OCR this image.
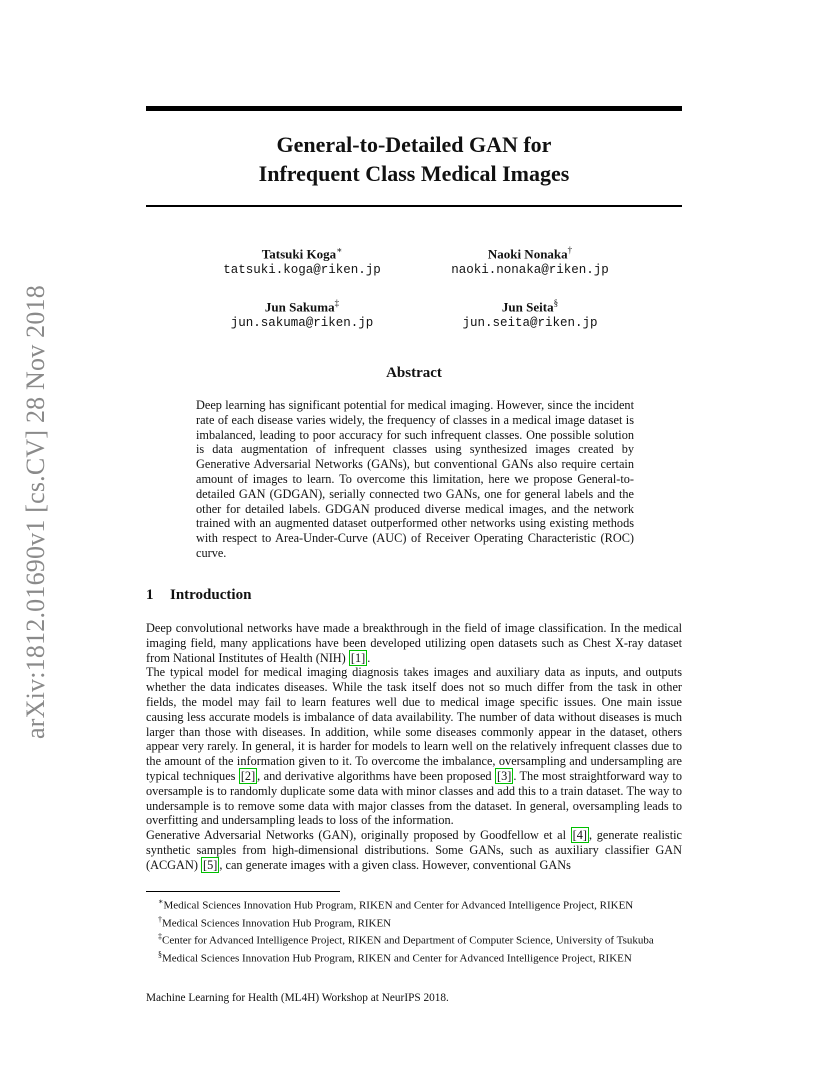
arXiv:1812.01690v1 [cs.CV] 28 Nov 2018
General-to-Detailed GAN for
Infrequent Class Medical Images
Tatsuki Koga∗
tatsuki.koga@riken.jp
Naoki Nonaka†
naoki.nonaka@riken.jp
Jun Sakuma‡
jun.sakuma@riken.jp
Jun Seita§
jun.seita@riken.jp
Abstract

Deep learning has significant potential for medical imaging. However, since the incident rate of each disease varies widely, the frequency of classes in a medical image dataset is imbalanced, leading to poor accuracy for such infrequent classes. One possible solution is data augmentation of infrequent classes using synthesized images created by Generative Adversarial Networks (GANs), but conventional GANs also require certain amount of images to learn. To overcome this limitation, here we propose General-to-detailed GAN (GDGAN), serially connected two GANs, one for general labels and the other for detailed labels. GDGAN produced diverse medical images, and the network trained with an augmented dataset outperformed other networks using existing methods with respect to Area-Under-Curve (AUC) of Receiver Operating Characteristic (ROC) curve.

1 Introduction

Deep convolutional networks have made a breakthrough in the field of image classification. In the medical imaging field, many applications have been developed utilizing open datasets such as Chest X-ray dataset from National Institutes of Health (NIH) [1] .

The typical model for medical imaging diagnosis takes images and auxiliary data as inputs, and outputs whether the data indicates diseases. While the task itself does not so much differ from the task in other fields, the model may fail to learn features well due to medical image specific issues. One main issue causing less accurate models is imbalance of data availability. The number of data without diseases is much larger than those with diseases. In addition, while some diseases commonly appear in the dataset, others appear very rarely. In general, it is harder for models to learn well on the relatively infrequent classes due to the amount of the information given to it. To overcome the imbalance, oversampling and undersampling are typical techniques [2] , and derivative algorithms have been proposed [3] . The most straightforward way to oversample is to randomly duplicate some data with minor classes and add this to a train dataset. The way to undersample is to remove some data with major classes from the dataset. In general, oversampling leads to overfitting and undersampling leads to loss of the information.

Generative Adversarial Networks (GAN), originally proposed by Goodfellow et al [4] , generate realistic synthetic samples from high-dimensional distributions. Some GANs, such as auxiliary classifier GAN (ACGAN) [5] , can generate images with a given class. However, conventional GANs

∗Medical Sciences Innovation Hub Program, RIKEN and Center for Advanced Intelligence Project, RIKEN

†Medical Sciences Innovation Hub Program, RIKEN

‡Center for Advanced Intelligence Project, RIKEN and Department of Computer Science, University of Tsukuba

§Medical Sciences Innovation Hub Program, RIKEN and Center for Advanced Intelligence Project, RIKEN

Machine Learning for Health (ML4H) Workshop at NeurIPS 2018.
